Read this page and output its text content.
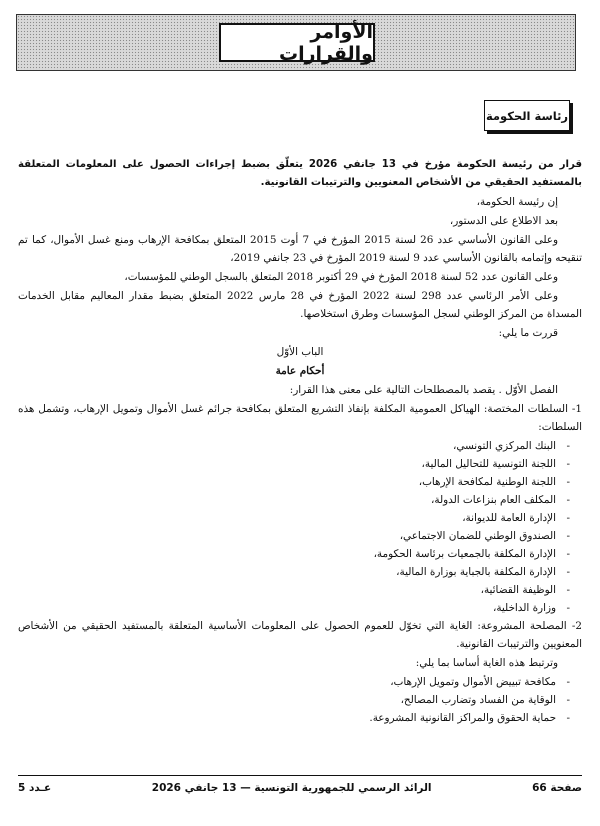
الأوامر والقرارات
رئاسة الحكومة

قرار من رئيسة الحكومة مؤرخ في 13 جانفي 2026 يتعلّق بضبط إجراءات الحصول على المعلومات المتعلقة بالمستفيد الحقيقي من الأشخاص المعنويين والترتيبات القانونية.

إن رئيسة الحكومة،

بعد الاطلاع على الدستور،

وعلى القانون الأساسي عدد 26 لسنة 2015 المؤرخ في 7 أوت 2015 المتعلق بمكافحة الإرهاب ومنع غسل الأموال، كما تم تنقيحه وإتمامه بالقانون الأساسي عدد 9 لسنة 2019 المؤرخ في 23 جانفي 2019،

وعلى القانون عدد 52 لسنة 2018 المؤرخ في 29 أكتوبر 2018 المتعلق بالسجل الوطني للمؤسسات،

وعلى الأمر الرئاسي عدد 298 لسنة 2022 المؤرخ في 28 مارس 2022 المتعلق بضبط مقدار المعاليم مقابل الخدمات المسداة من المركز الوطني لسجل المؤسسات وطرق استخلاصها.

قررت ما يلي:

الباب الأوّل

أحكام عامة

الفصل الأوّل . يقصد بالمصطلحات التالية على معنى هذا القرار:

1- السلطات المختصة: الهياكل العمومية المكلفة بإنفاذ التشريع المتعلق بمكافحة جرائم غسل الأموال وتمويل الإرهاب، وتشمل هذه السلطات:

- البنك المركزي التونسي،
- اللجنة التونسية للتحاليل المالية،
- اللجنة الوطنية لمكافحة الإرهاب،
- المكلف العام بنزاعات الدولة،
- الإدارة العامة للديوانة،
- الصندوق الوطني للضمان الاجتماعي،
- الإدارة المكلفة بالجمعيات برئاسة الحكومة،
- الإدارة المكلفة بالجباية بوزارة المالية،
- الوظيفة القضائية،
- وزارة الداخلية،

2- المصلحة المشروعة: الغاية التي تخوّل للعموم الحصول على المعلومات الأساسية المتعلقة بالمستفيد الحقيقي من الأشخاص المعنويين والترتيبات القانونية.

وترتبط هذه الغاية أساسا بما يلي:

- مكافحة تبييض الأموال وتمويل الإرهاب،
- الوقاية من الفساد وتضارب المصالح،
- حماية الحقوق والمراكز القانونية المشروعة.
صفحة 66
الرائد الرسمي للجمهورية التونسية — 13 جانفي 2026
عـدد 5
